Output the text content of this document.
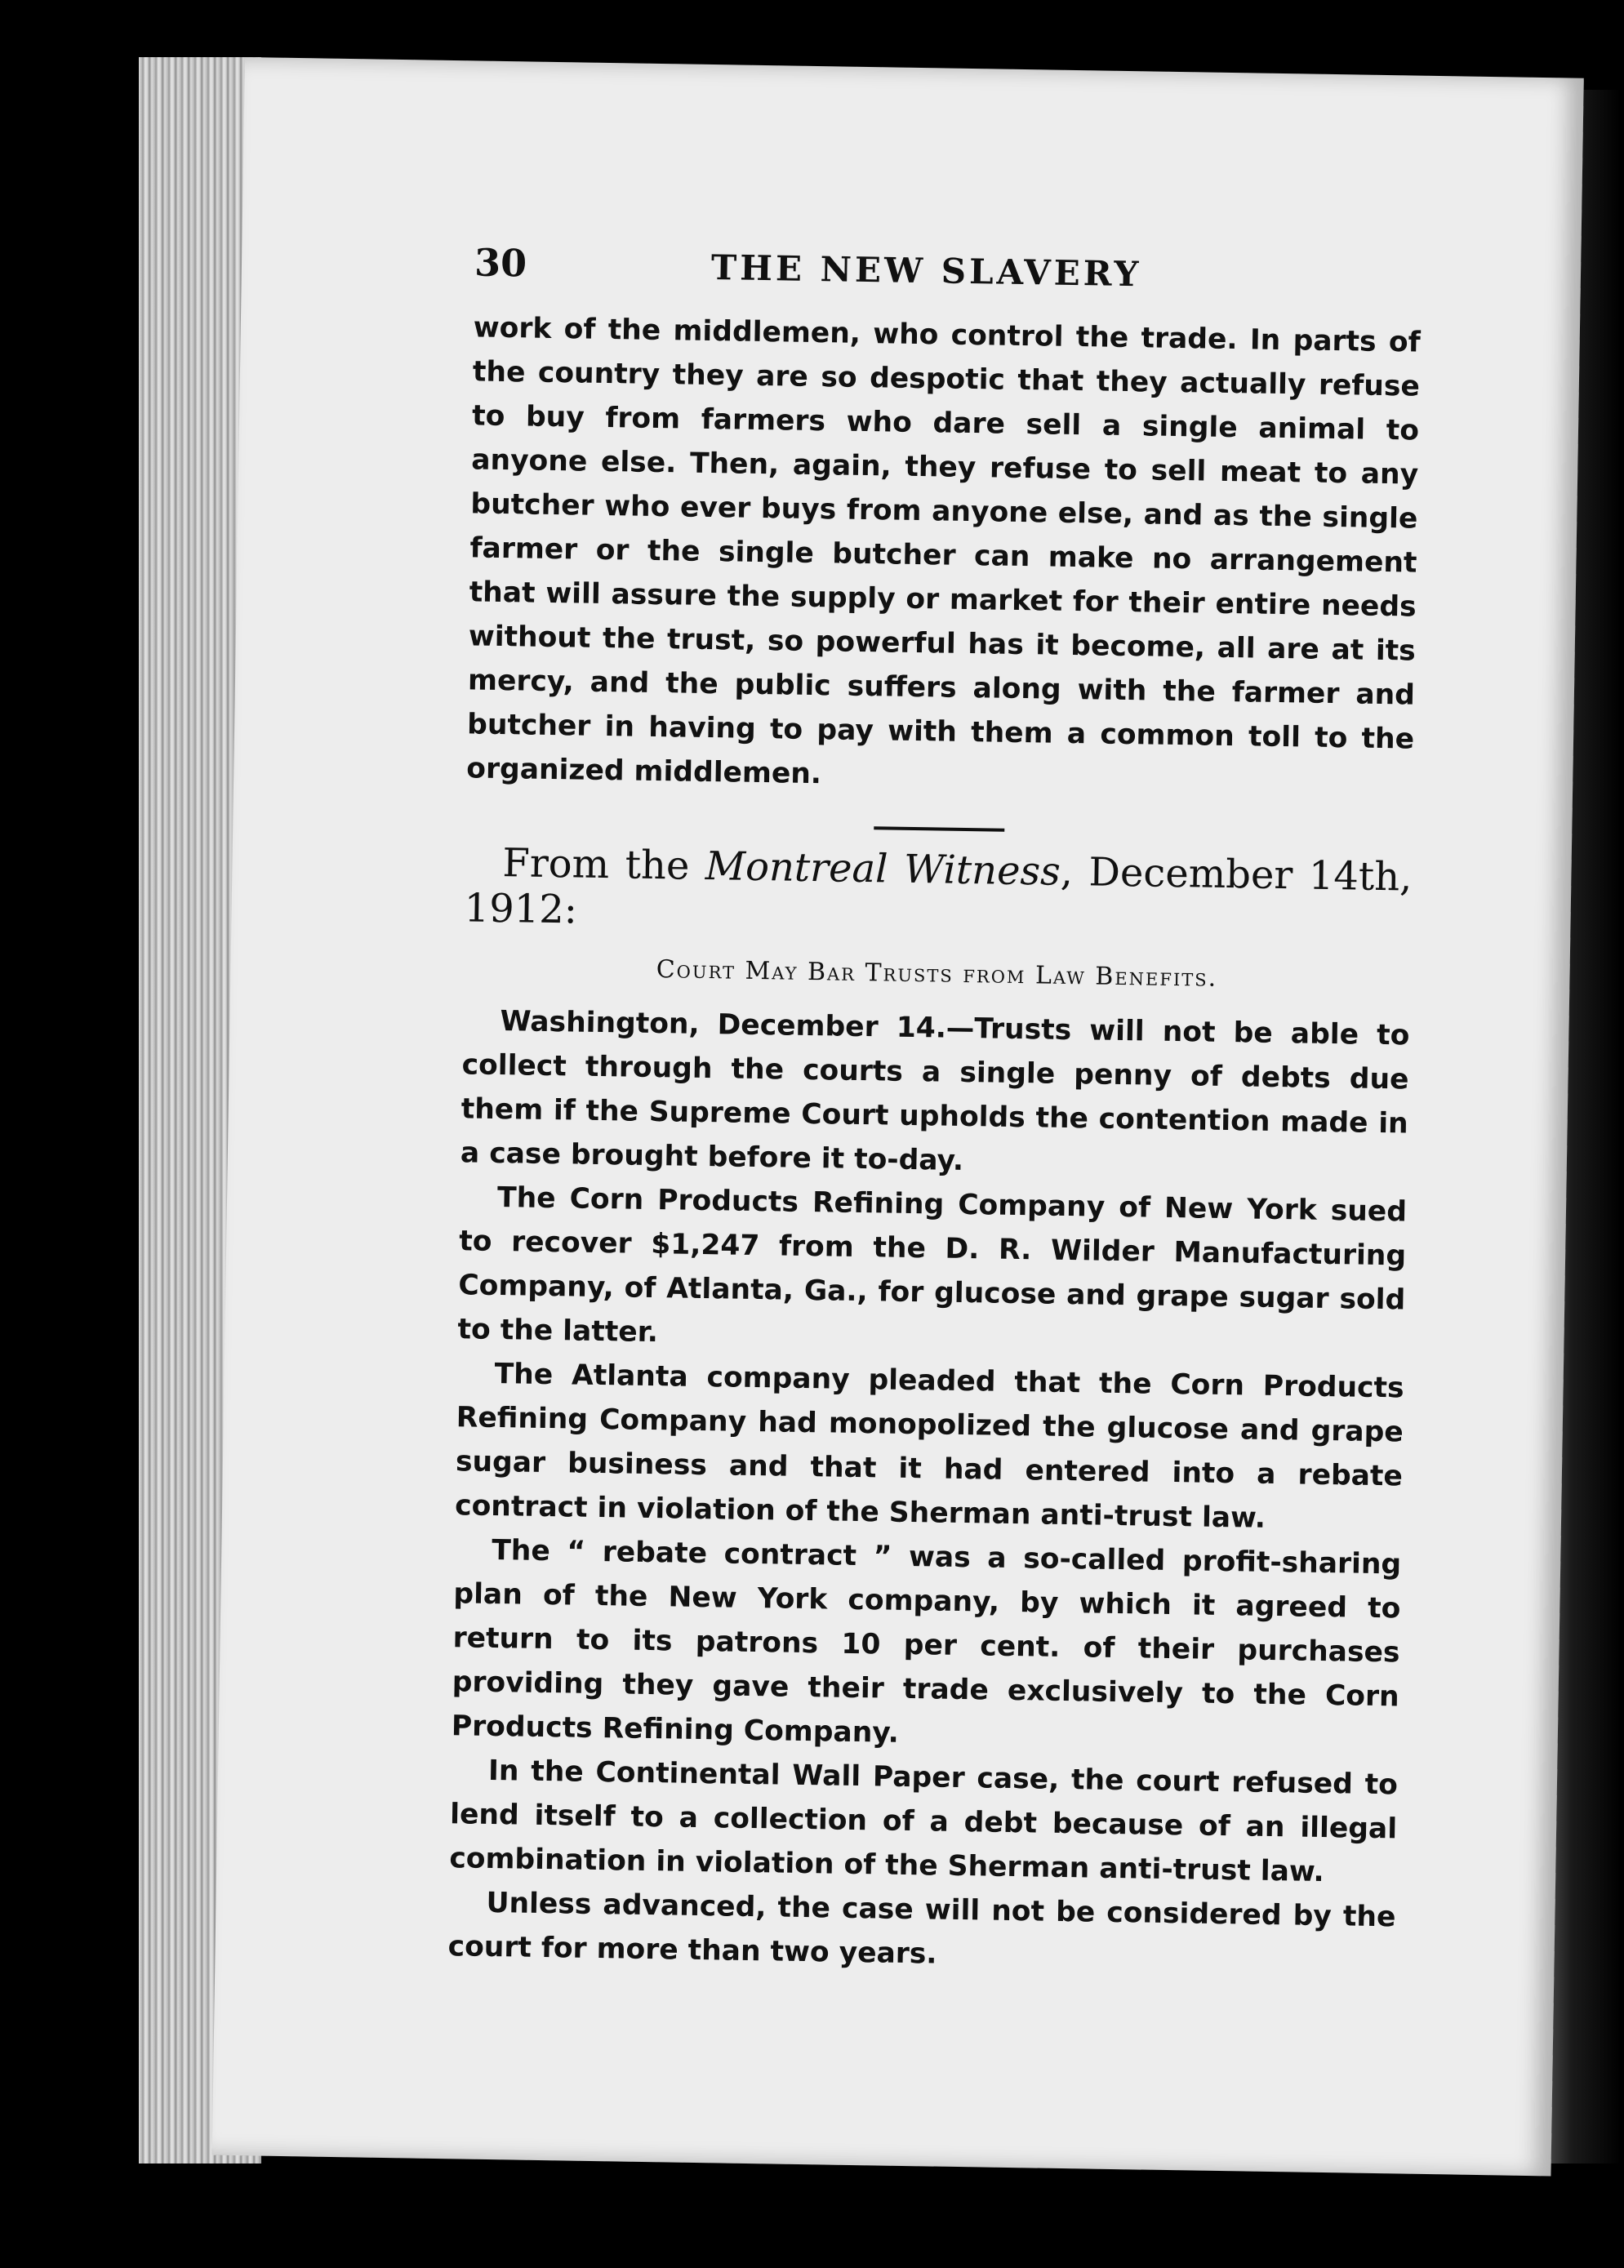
30	THE NEW SLAVERY

work of the middlemen, who control the trade. In parts of the country they are so despotic that they actually refuse to buy from farmers who dare sell a single animal to anyone else. Then, again, they refuse to sell meat to any butcher who ever buys from anyone else, and as the single farmer or the single butcher can make no arrangement that will assure the supply or market for their entire needs without the trust, so powerful has it become, all are at its mercy, and the public suffers along with the farmer and butcher in having to pay with them a common toll to the organized middlemen.

From the Montreal Witness, December 14th, 1912:

Court May Bar Trusts from Law Benefits.

Washington, December 14.—Trusts will not be able to collect through the courts a single penny of debts due them if the Supreme Court upholds the contention made in a case brought before it to-day.

The Corn Products Refining Company of New York sued to recover $1,247 from the D. R. Wilder Manufacturing Company, of Atlanta, Ga., for glucose and grape sugar sold to the latter.

The Atlanta company pleaded that the Corn Products Refining Company had monopolized the glucose and grape sugar business and that it had entered into a rebate contract in violation of the Sherman anti-trust law.

The “ rebate contract ” was a so-called profit-sharing plan of the New York company, by which it agreed to return to its patrons 10 per cent. of their purchases providing they gave their trade exclusively to the Corn Products Refining Company.

In the Continental Wall Paper case, the court refused to lend itself to a collection of a debt because of an illegal combination in violation of the Sherman anti-trust law.

Unless advanced, the case will not be considered by the court for more than two years.
